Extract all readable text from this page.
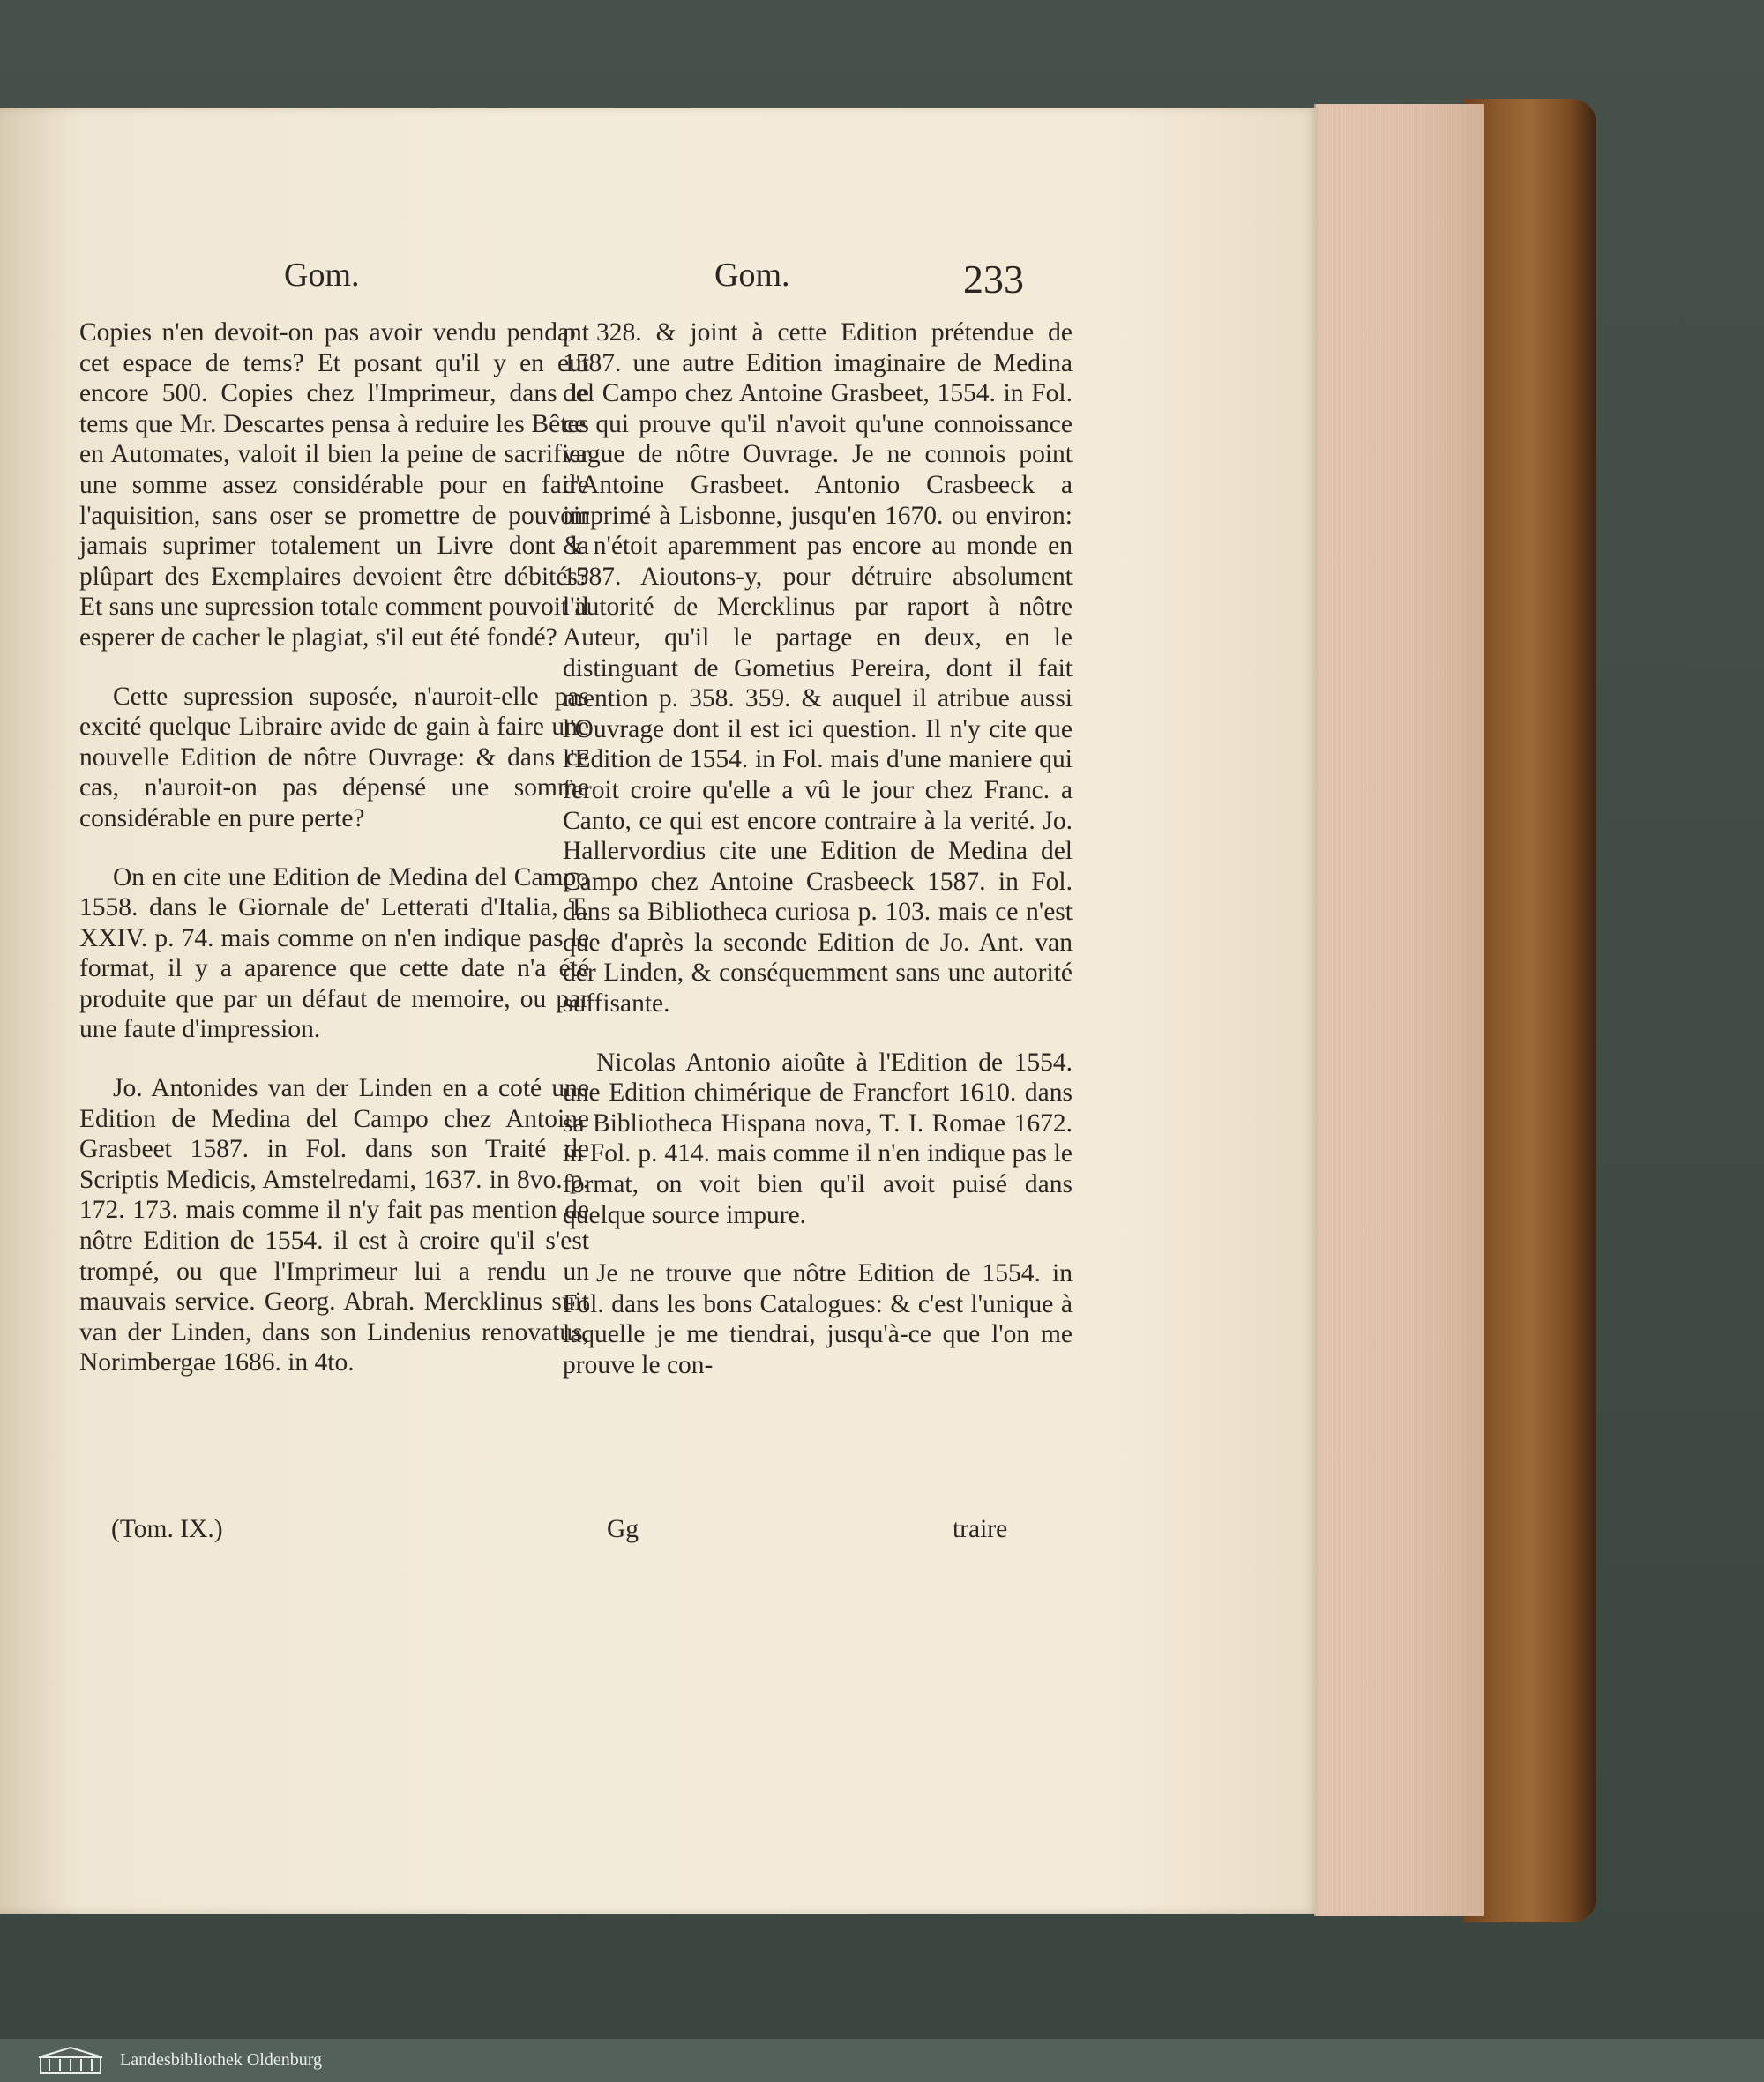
Gom.	Gom.	233

Copies n'en devoit-on pas avoir vendu pendant cet espace de tems? Et posant qu'il y en eut encore 500. Copies chez l'Imprimeur, dans le tems que Mr. Descartes pensa à reduire les Bêtes en Automates, valoit il bien la peine de sacrifier une somme assez considérable pour en faire l'aquisition, sans oser se promettre de pouvoir jamais suprimer totalement un Livre dont la plûpart des Exemplaires devoient être débités? Et sans une supression totale comment pouvoit il esperer de cacher le plagiat, s'il eut été fondé?

Cette supression suposée, n'auroit-elle pas excité quelque Libraire avide de gain à faire une nouvelle Edition de nôtre Ouvrage: & dans ce cas, n'auroit-on pas dépensé une somme considérable en pure perte?

On en cite une Edition de Medina del Campo 1558. dans le Giornale de' Letterati d'Italia, T. XXIV. p. 74. mais comme on n'en indique pas le format, il y a aparence que cette date n'a été produite que par un défaut de memoire, ou par une faute d'impression.

Jo. Antonides van der Linden en a coté une Edition de Medina del Campo chez Antoine Grasbeet 1587. in Fol. dans son Traité de Scriptis Medicis, Amstelredami, 1637. in 8vo. p. 172. 173. mais comme il n'y fait pas mention de nôtre Edition de 1554. il est à croire qu'il s'est trompé, ou que l'Imprimeur lui a rendu un mauvais service. Georg. Abrah. Mercklinus suit van der Linden, dans son Lindenius renovatus, Norimbergae 1686. in 4to.

p. 328. & joint à cette Edition prétendue de 1587. une autre Edition imaginaire de Medina del Campo chez Antoine Grasbeet, 1554. in Fol. ce qui prouve qu'il n'avoit qu'une connoissance vague de nôtre Ouvrage. Je ne connois point d'Antoine Grasbeet. Antonio Crasbeeck a imprimé à Lisbonne, jusqu'en 1670. ou environ: & n'étoit aparemment pas encore au monde en 1587. Aioutons-y, pour détruire absolument l'autorité de Mercklinus par raport à nôtre Auteur, qu'il le partage en deux, en le distinguant de Gometius Pereira, dont il fait mention p. 358. 359. & auquel il atribue aussi l'Ouvrage dont il est ici question. Il n'y cite que l'Edition de 1554. in Fol. mais d'une maniere qui feroit croire qu'elle a vû le jour chez Franc. a Canto, ce qui est encore contraire à la verité. Jo. Hallervordius cite une Edition de Medina del Campo chez Antoine Crasbeeck 1587. in Fol. dans sa Bibliotheca curiosa p. 103. mais ce n'est que d'après la seconde Edition de Jo. Ant. van der Linden, & conséquemment sans une autorité suffisante.

Nicolas Antonio aioûte à l'Edition de 1554. une Edition chimérique de Francfort 1610. dans sa Bibliotheca Hispana nova, T. I. Romae 1672. in Fol. p. 414. mais comme il n'en indique pas le format, on voit bien qu'il avoit puisé dans quelque source impure.

Je ne trouve que nôtre Edition de 1554. in Fol. dans les bons Catalogues: & c'est l'unique à laquelle je me tiendrai, jusqu'à-ce que l'on me prouve le con-

(Tom. IX.)	Gg	traire
Landesbibliothek Oldenburg
